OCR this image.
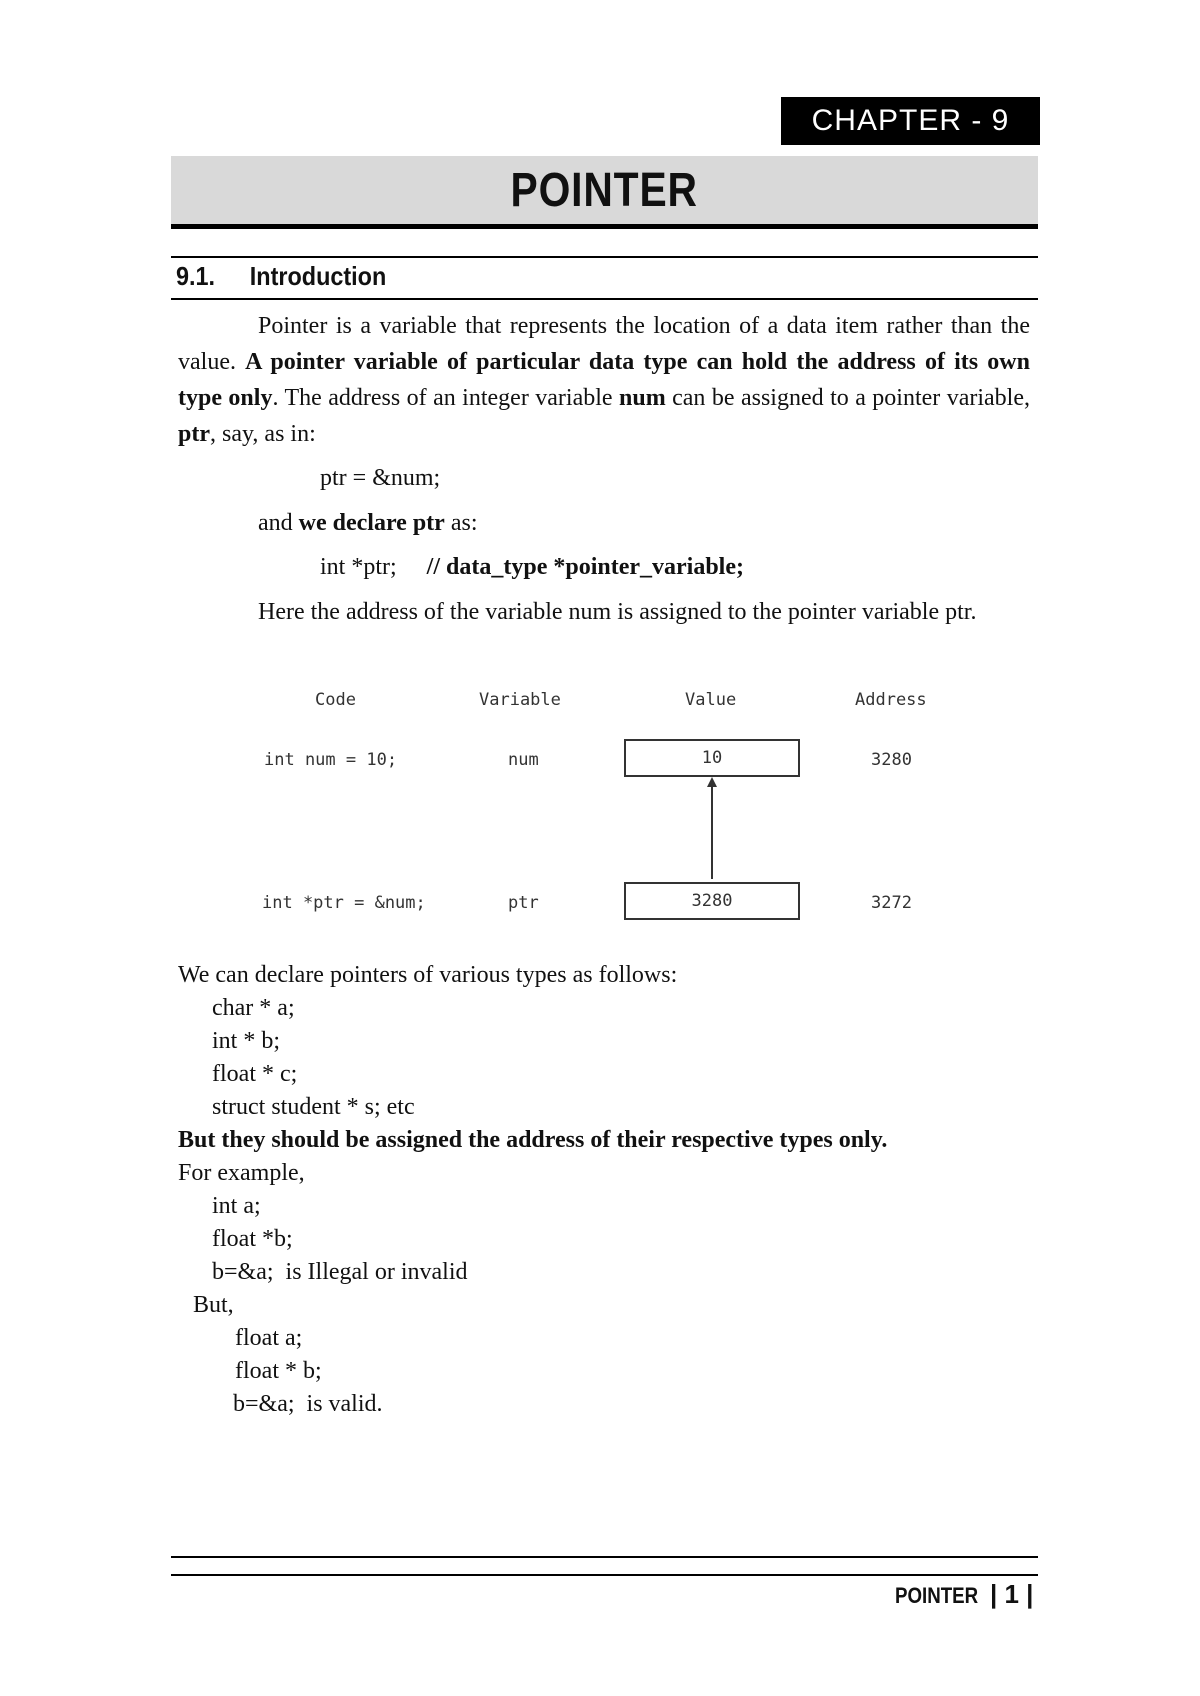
CHAPTER - 9
POINTER
9.1. Introduction

Pointer is a variable that represents the location of a data item rather than the value. A pointer variable of particular data type can hold the address of its own type only. The address of an integer variable num can be assigned to a pointer variable, ptr, say, as in:

ptr = &num;

and we declare ptr as:

int *ptr; // data_type *pointer_variable;

Here the address of the variable num is assigned to the pointer variable ptr.

Code	Variable	Value	Address
int num = 10;	num	10	3280
int *ptr = &num;	ptr	3280	3272

We can declare pointers of various types as follows:

char * a;

int * b;

float * c;

struct student * s; etc

But they should be assigned the address of their respective types only.

For example,

int a;

float *b;

b=&a;  is Illegal or invalid

But,

float a;

float * b;

b=&a;  is valid.

POINTER | 1 |
